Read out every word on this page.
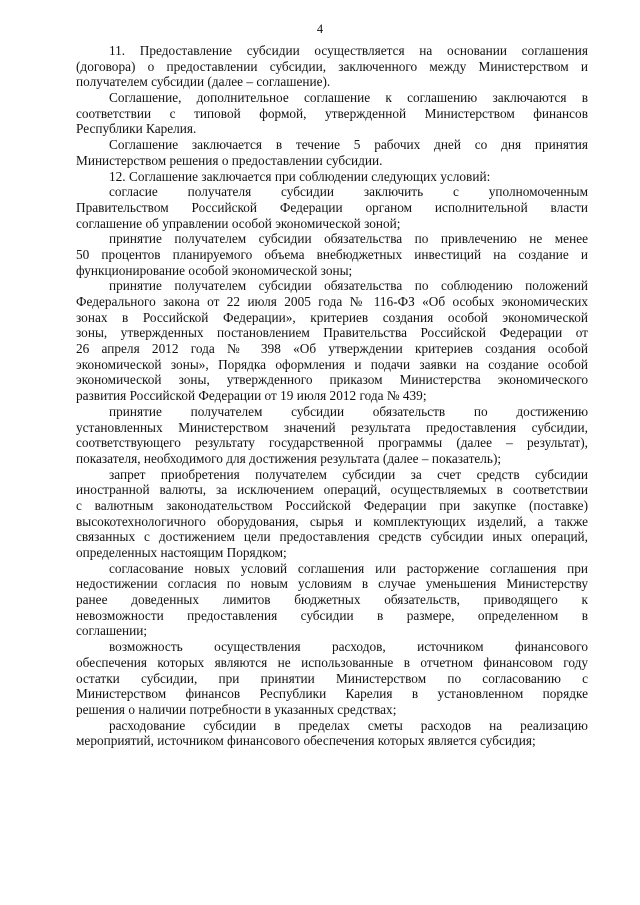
4
11. Предоставление субсидии осуществляется на основании соглашения
(договора) о предоставлении субсидии, заключенного между Министерством и
получателем субсидии (далее – соглашение).
Соглашение, дополнительное соглашение к соглашению заключаются в
соответствии с типовой формой, утвержденной Министерством финансов
Республики Карелия.
Соглашение заключается в течение 5 рабочих дней со дня принятия
Министерством решения о предоставлении субсидии.
12. Соглашение заключается при соблюдении следующих условий:
согласие получателя субсидии заключить с уполномоченным
Правительством Российской Федерации органом исполнительной власти
соглашение об управлении особой экономической зоной;
принятие получателем субсидии обязательства по привлечению не менее
50 процентов планируемого объема внебюджетных инвестиций на создание и
функционирование особой экономической зоны;
принятие получателем субсидии обязательства по соблюдению положений
Федерального закона от 22 июля 2005 года № 116-ФЗ «Об особых экономических
зонах в Российской Федерации», критериев создания особой экономической
зоны, утвержденных постановлением Правительства Российской Федерации от
26 апреля 2012 года № 398 «Об утверждении критериев создания особой
экономической зоны», Порядка оформления и подачи заявки на создание особой
экономической зоны, утвержденного приказом Министерства экономического
развития Российской Федерации от 19 июля 2012 года № 439;
принятие получателем субсидии обязательств по достижению
установленных Министерством значений результата предоставления субсидии,
соответствующего результату государственной программы (далее – результат),
показателя, необходимого для достижения результата (далее – показатель);
запрет приобретения получателем субсидии за счет средств субсидии
иностранной валюты, за исключением операций, осуществляемых в соответствии
с валютным законодательством Российской Федерации при закупке (поставке)
высокотехнологичного оборудования, сырья и комплектующих изделий, а также
связанных с достижением цели предоставления средств субсидии иных операций,
определенных настоящим Порядком;
согласование новых условий соглашения или расторжение соглашения при
недостижении согласия по новым условиям в случае уменьшения Министерству
ранее доведенных лимитов бюджетных обязательств, приводящего к
невозможности предоставления субсидии в размере, определенном в
соглашении;
возможность осуществления расходов, источником финансового
обеспечения которых являются не использованные в отчетном финансовом году
остатки субсидии, при принятии Министерством по согласованию с
Министерством финансов Республики Карелия в установленном порядке
решения о наличии потребности в указанных средствах;
расходование субсидии в пределах сметы расходов на реализацию
мероприятий, источником финансового обеспечения которых является субсидия;
